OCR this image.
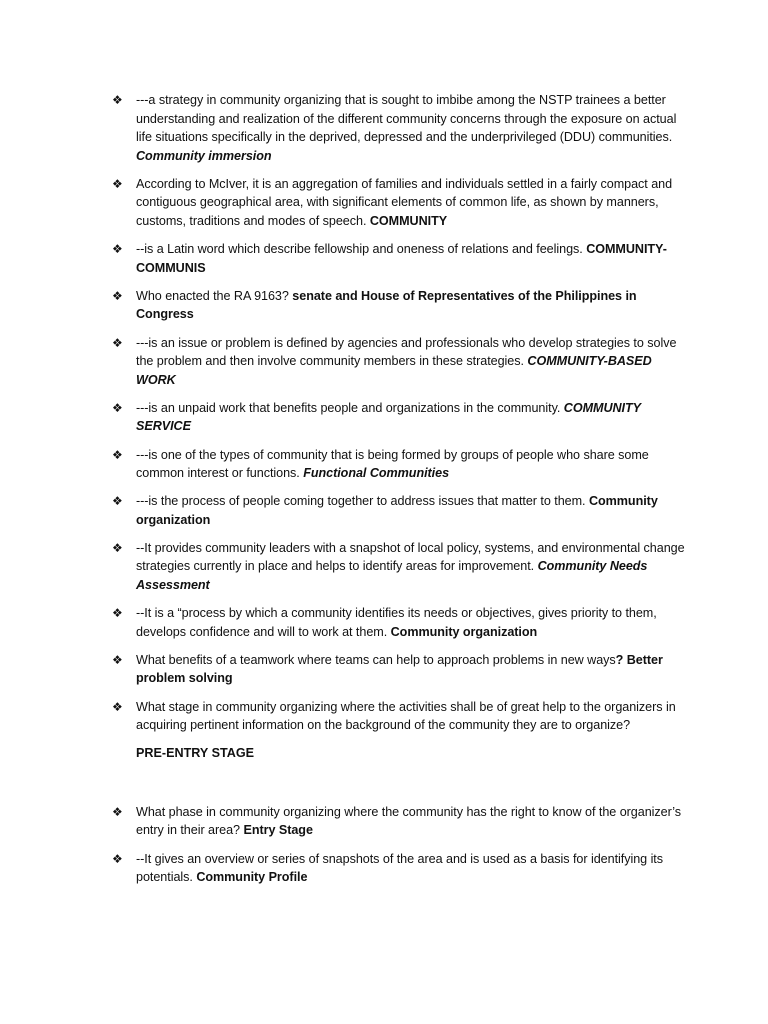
❖ ---a strategy in community organizing that is sought to imbibe among the NSTP trainees a better understanding and realization of the different community concerns through the exposure on actual life situations specifically in the deprived, depressed and the underprivileged (DDU) communities. Community immersion
❖ According to McIver, it is an aggregation of families and individuals settled in a fairly compact and contiguous geographical area, with significant elements of common life, as shown by manners, customs, traditions and modes of speech. COMMUNITY
❖ --is a Latin word which describe fellowship and oneness of relations and feelings. COMMUNITY-COMMUNIS
❖ Who enacted the RA 9163? senate and House of Representatives of the Philippines in Congress
❖ ---is an issue or problem is defined by agencies and professionals who develop strategies to solve the problem and then involve community members in these strategies. COMMUNITY-BASED WORK
❖ ---is an unpaid work that benefits people and organizations in the community. COMMUNITY SERVICE
❖ ---is one of the types of community that is being formed by groups of people who share some common interest or functions. Functional Communities
❖ ---is the process of people coming together to address issues that matter to them. Community organization
❖ --It provides community leaders with a snapshot of local policy, systems, and environmental change strategies currently in place and helps to identify areas for improvement. Community Needs Assessment
❖ --It is a “process by which a community identifies its needs or objectives, gives priority to them, develops confidence and will to work at them. Community organization
❖ What benefits of a teamwork where teams can help to approach problems in new ways? Better problem solving
❖ What stage in community organizing where the activities shall be of great help to the organizers in acquiring pertinent information on the background of the community they are to organize?
PRE-ENTRY STAGE
❖ What phase in community organizing where the community has the right to know of the organizer’s entry in their area? Entry Stage
❖ --It gives an overview or series of snapshots of the area and is used as a basis for identifying its potentials. Community Profile
